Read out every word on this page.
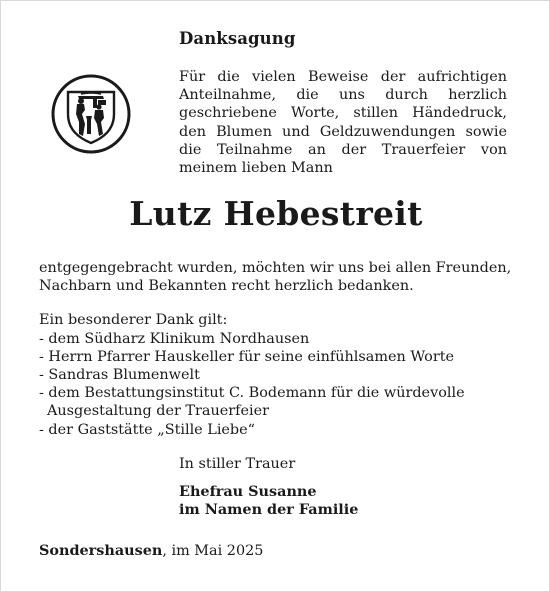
Danksagung
Für die vielen Beweise der aufrichtigen
Anteilnahme, die uns durch herzlich
geschriebene Worte, stillen Händedruck,
den Blumen und Geldzuwendungen sowie
die Teilnahme an der Trauerfeier von
meinem lieben Mann
Lutz Hebestreit
entgegengebracht wurden, möchten wir uns bei allen Freunden,
Nachbarn und Bekannten recht herzlich bedanken.
Ein besonderer Dank gilt:
- dem Südharz Klinikum Nordhausen
- Herrn Pfarrer Hauskeller für seine einfühlsamen Worte
- Sandras Blumenwelt
- dem Bestattungsinstitut C. Bodemann für die würdevolle
Ausgestaltung der Trauerfeier
- der Gaststätte „Stille Liebe“
In stiller Trauer
Ehefrau Susanne
im Namen der Familie
Sondershausen, im Mai 2025
